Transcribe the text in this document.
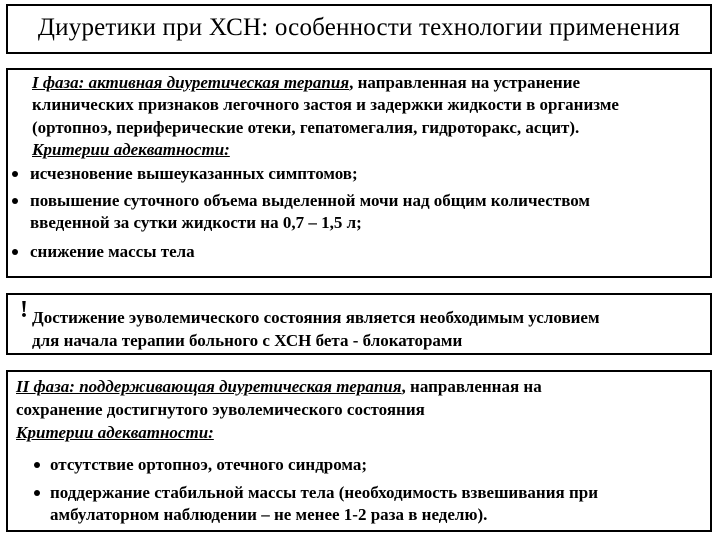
Диуретики при ХСН: особенности технологии применения
I фаза: активная диуретическая терапия, направленная на устранение
клинических признаков легочного застоя и задержки жидкости в организме
(ортопноэ, периферические отеки, гепатомегалия, гидроторакс, асцит).
Критерии адекватности:
исчезновение вышеуказанных симптомов;
повышение суточного объема выделенной мочи над общим количеством
введенной за сутки жидкости на 0,7 – 1,5 л;
снижение массы тела
! Достижение эуволемического состояния является необходимым условием
для начала терапии больного с ХСН бета - блокаторами
II фаза: поддерживающая диуретическая терапия, направленная на
сохранение достигнутого эуволемического состояния
Критерии адекватности:
отсутствие ортопноэ, отечного синдрома;
поддержание стабильной массы тела (необходимость взвешивания при
амбулаторном наблюдении – не менее 1-2 раза в неделю).
